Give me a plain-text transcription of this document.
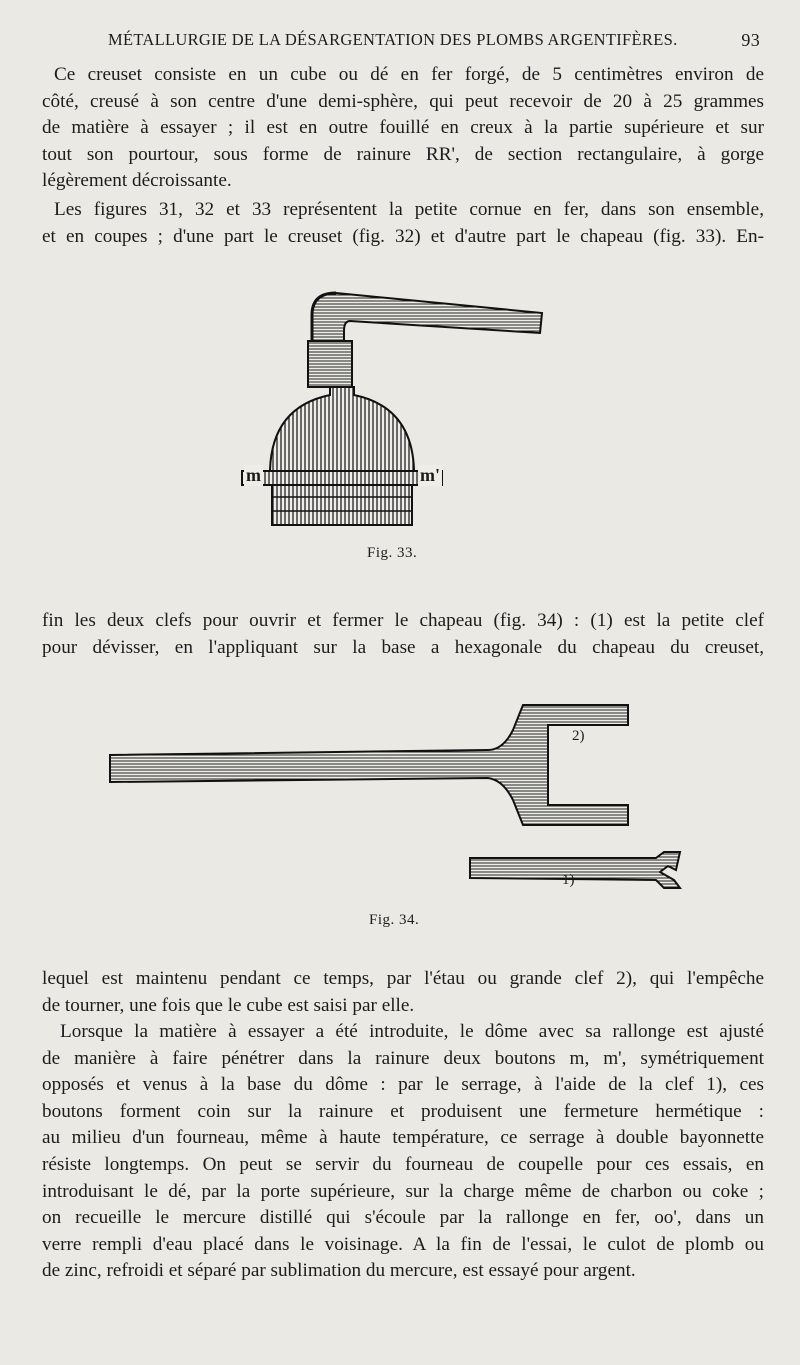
MÉTALLURGIE DE LA DÉSARGENTATION DES PLOMBS ARGENTIFÈRES.	93
Ce creuset consiste en un cube ou dé en fer forgé, de 5 centimètres environ de
côté, creusé à son centre d'une demi-sphère, qui peut recevoir de 20 à 25 grammes
de matière à essayer ; il est en outre fouillé en creux à la partie supérieure et sur
tout son pourtour, sous forme de rainure RR', de section rectangulaire, à gorge
légèrement décroissante.
Les figures 31, 32 et 33 représentent la petite cornue en fer, dans son ensemble,
et en coupes ; d'une part le creuset (fig. 32) et d'autre part le chapeau (fig. 33). En-
m	m'
Fig. 33.
fin les deux clefs pour ouvrir et fermer le chapeau (fig. 34) : (1) est la petite clef
pour dévisser, en l'appliquant sur la base a hexagonale du chapeau du creuset,
2)
1)
Fig. 34.
lequel est maintenu pendant ce temps, par l'étau ou grande clef 2), qui l'empêche
de tourner, une fois que le cube est saisi par elle.
Lorsque la matière à essayer a été introduite, le dôme avec sa rallonge est ajusté
de manière à faire pénétrer dans la rainure deux boutons m, m', symétriquement
opposés et venus à la base du dôme : par le serrage, à l'aide de la clef 1), ces
boutons forment coin sur la rainure et produisent une fermeture hermétique :
au milieu d'un fourneau, même à haute température, ce serrage à double bayonnette
résiste longtemps. On peut se servir du fourneau de coupelle pour ces essais, en
introduisant le dé, par la porte supérieure, sur la charge même de charbon ou coke ;
on recueille le mercure distillé qui s'écoule par la rallonge en fer, oo', dans un
verre rempli d'eau placé dans le voisinage. A la fin de l'essai, le culot de plomb ou
de zinc, refroidi et séparé par sublimation du mercure, est essayé pour argent.
